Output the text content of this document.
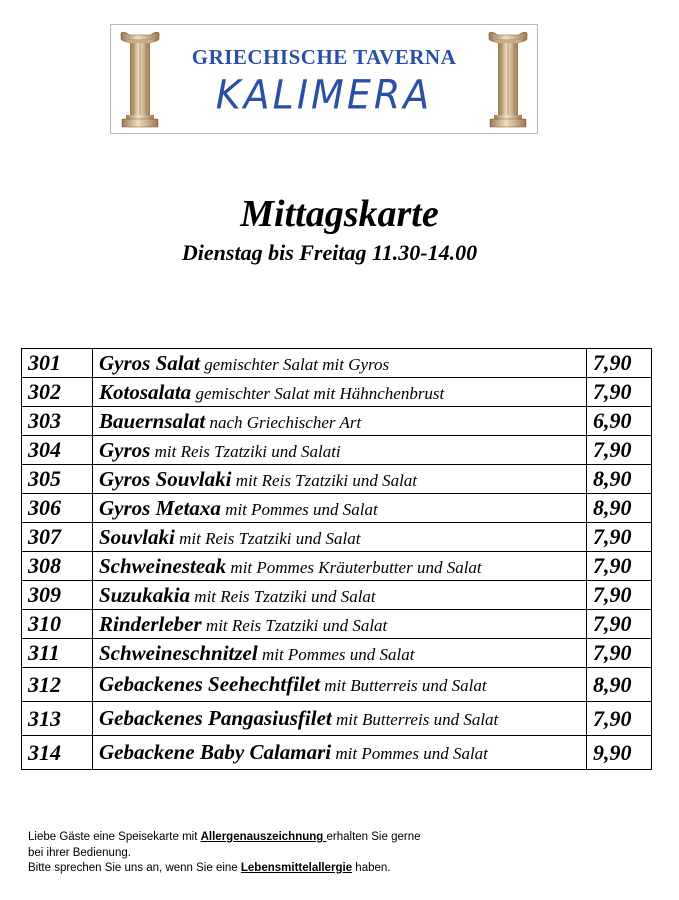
GRIECHISCHE TAVERNA
KALIMERA
Mittagskarte
Dienstag bis Freitag 11.30-14.00
301	Gyros Salat gemischter Salat mit Gyros	7,90
302	Kotosalata gemischter Salat mit Hähnchenbrust	7,90
303	Bauernsalat nach Griechischer Art	6,90
304	Gyros mit Reis Tzatziki und Salati	7,90
305	Gyros Souvlaki mit Reis Tzatziki und Salat	8,90
306	Gyros Metaxa mit Pommes und Salat	8,90
307	Souvlaki mit Reis Tzatziki und Salat	7,90
308	Schweinesteak mit Pommes Kräuterbutter und Salat	7,90
309	Suzukakia mit Reis Tzatziki und Salat	7,90
310	Rinderleber mit Reis Tzatziki und Salat	7,90
311	Schweineschnitzel mit Pommes und Salat	7,90
312	Gebackenes Seehechtfilet mit Butterreis und Salat	8,90
313	Gebackenes Pangasiusfilet mit Butterreis und Salat	7,90
314	Gebackene Baby Calamari mit Pommes und Salat	9,90
Liebe Gäste eine Speisekarte mit Allergenauszeichnung erhalten Sie gerne
bei ihrer Bedienung.
Bitte sprechen Sie uns an, wenn Sie eine Lebensmittelallergie haben.
